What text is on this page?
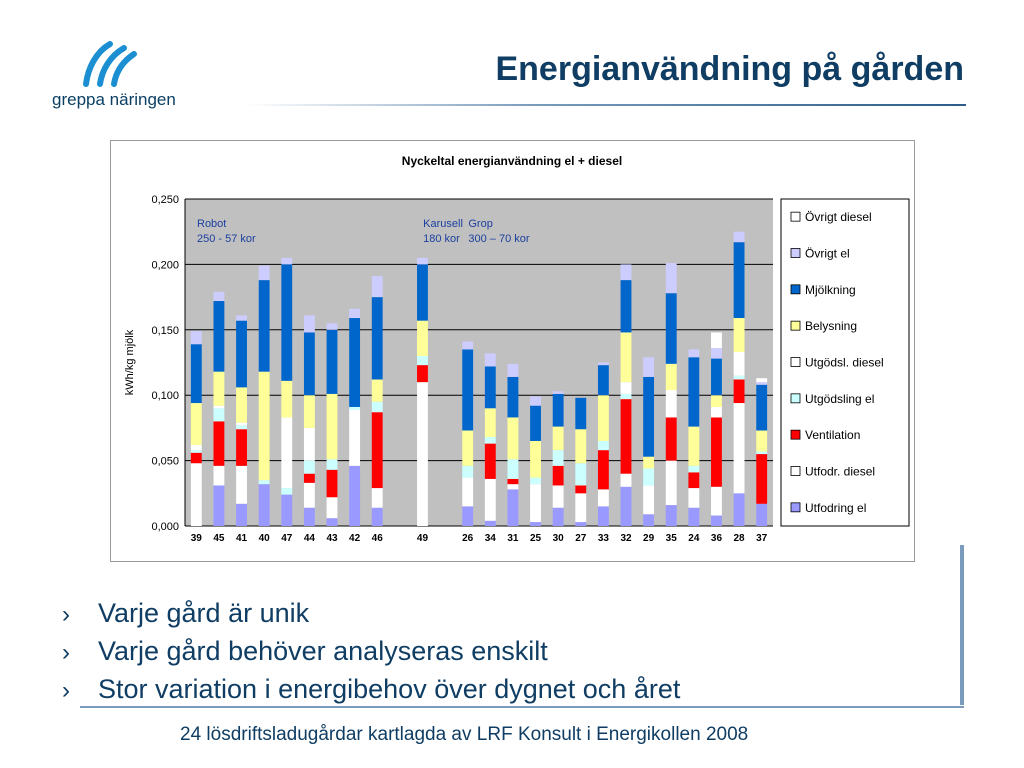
greppa näringen
Energianvändning på gården
Nyckeltal energianvändning el + diesel
0,000
0,050
0,100
0,150
0,200
0,250
kWh/kg mjölk
39 45 41 40 47 44 43 42 46	49	26 34 31 25 30 27 33 32 29 35 24 36 28 37
Robot
250 - 57 kor
Karusell
180 kor
Grop
300 – 70 kor
Övrigt diesel
Övrigt el
Mjölkning
Belysning
Utgödsl. diesel
Utgödsling el
Ventilation
Utfodr. diesel
Utfodring el
› Varje gård är unik
› Varje gård behöver analyseras enskilt
› Stor variation i energibehov över dygnet och året
24 lösdriftsladugårdar kartlagda av LRF Konsult i Energikollen 2008
